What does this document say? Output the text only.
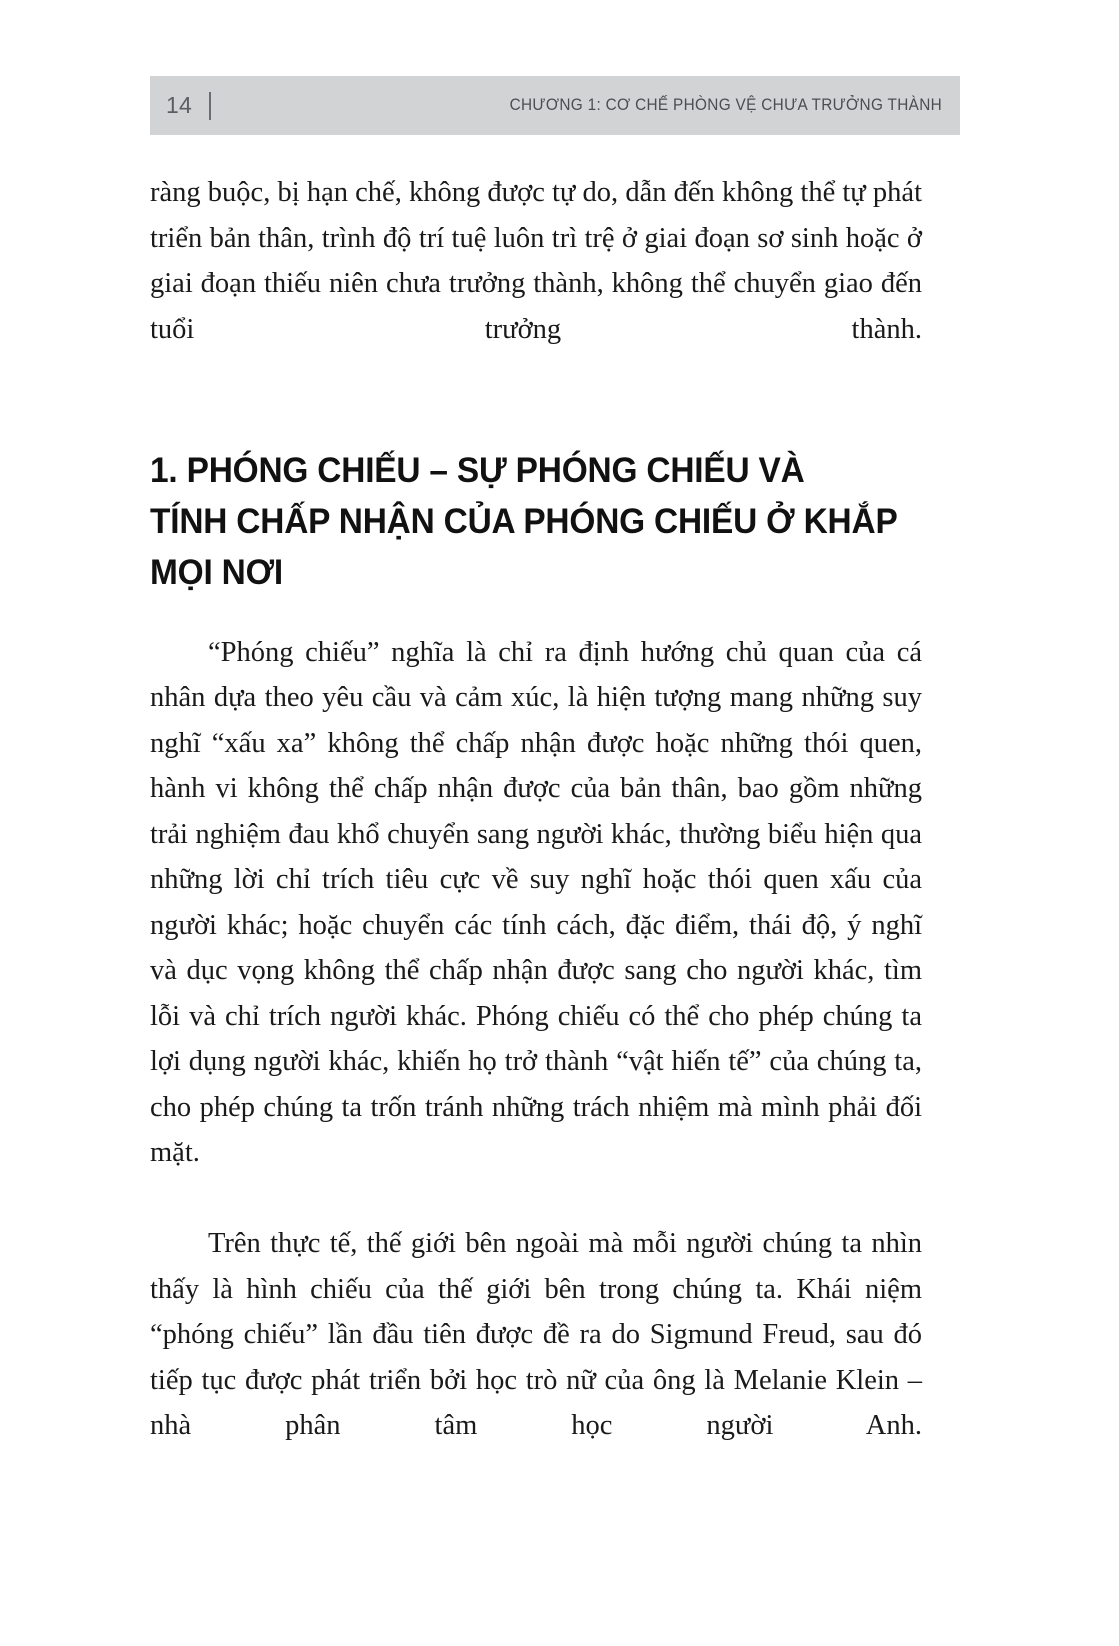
14	CHƯƠNG 1: CƠ CHẾ PHÒNG VỆ CHƯA TRƯỞNG THÀNH

ràng buộc, bị hạn chế, không được tự do, dẫn đến không thể tự phát triển bản thân, trình độ trí tuệ luôn trì trệ ở giai đoạn sơ sinh hoặc ở giai đoạn thiếu niên chưa trưởng thành, không thể chuyển giao đến tuổi trưởng thành.

1. PHÓNG CHIẾU – SỰ PHÓNG CHIẾU VÀ
TÍNH CHẤP NHẬN CỦA PHÓNG CHIẾU Ở KHẮP
MỌI NƠI

“Phóng chiếu” nghĩa là chỉ ra định hướng chủ quan của cá nhân dựa theo yêu cầu và cảm xúc, là hiện tượng mang những suy nghĩ “xấu xa” không thể chấp nhận được hoặc những thói quen, hành vi không thể chấp nhận được của bản thân, bao gồm những trải nghiệm đau khổ chuyển sang người khác, thường biểu hiện qua những lời chỉ trích tiêu cực về suy nghĩ hoặc thói quen xấu của người khác; hoặc chuyển các tính cách, đặc điểm, thái độ, ý nghĩ và dục vọng không thể chấp nhận được sang cho người khác, tìm lỗi và chỉ trích người khác. Phóng chiếu có thể cho phép chúng ta lợi dụng người khác, khiến họ trở thành “vật hiến tế” của chúng ta, cho phép chúng ta trốn tránh những trách nhiệm mà mình phải đối mặt.

Trên thực tế, thế giới bên ngoài mà mỗi người chúng ta nhìn thấy là hình chiếu của thế giới bên trong chúng ta. Khái niệm “phóng chiếu” lần đầu tiên được đề ra do Sigmund Freud, sau đó tiếp tục được phát triển bởi học trò nữ của ông là Melanie Klein – nhà phân tâm học người Anh.
